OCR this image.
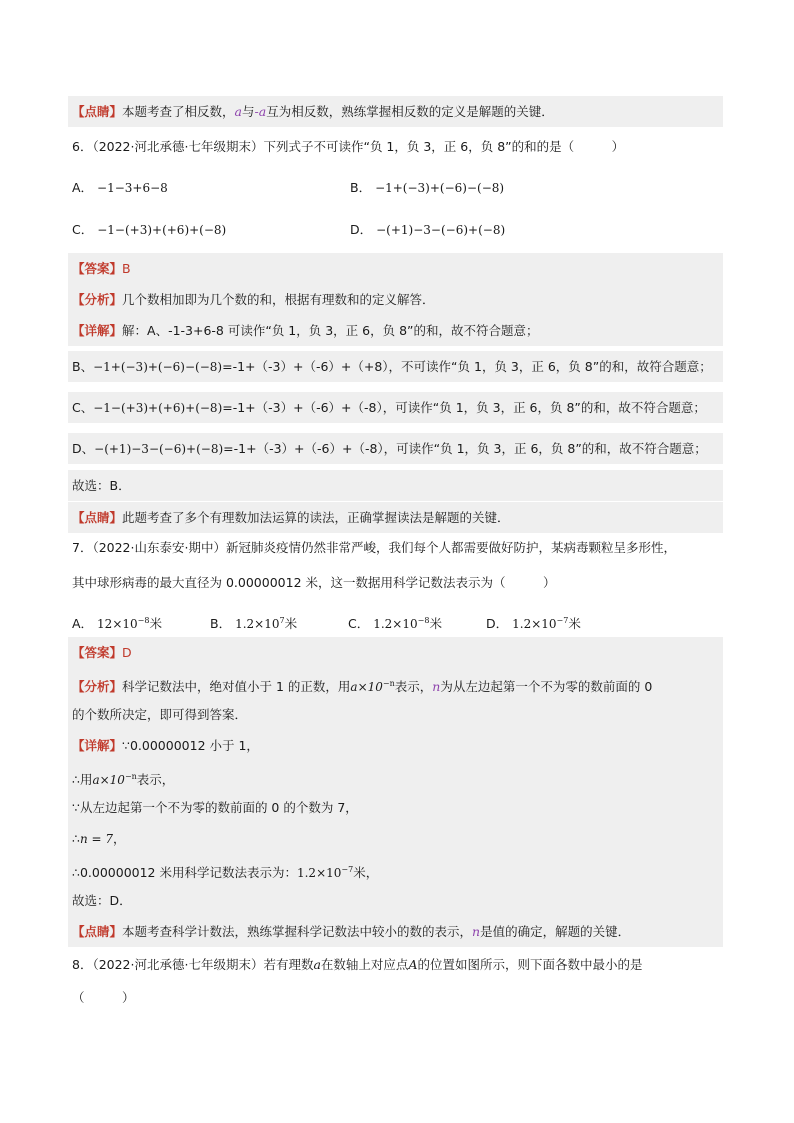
【点睛】本题考查了相反数，a与-a互为相反数，熟练掌握相反数的定义是解题的关键．
6．（2022·河北承德·七年级期末）下列式子不可读作“负 1，负 3，正 6，负 8”的和的是（　　　）
A． −1−3+6−8	B． −1+(−3)+(−6)−(−8)
C． −1−(+3)+(+6)+(−8)	D． −(+1)−3−(−6)+(−8)
【答案】B
【分析】几个数相加即为几个数的和，根据有理数和的定义解答．
【详解】解：A、-1-3+6-8 可读作“负 1，负 3，正 6，负 8”的和，故不符合题意；
B、−1+(−3)+(−6)−(−8)=-1+（-3）+（-6）+（+8），不可读作“负 1，负 3，正 6，负 8”的和，故符合题意；
C、−1−(+3)+(+6)+(−8)=-1+（-3）+（-6）+（-8），可读作“负 1，负 3，正 6，负 8”的和，故不符合题意；
D、−(+1)−3−(−6)+(−8)=-1+（-3）+（-6）+（-8），可读作“负 1，负 3，正 6，负 8”的和，故不符合题意；
故选：B．
【点睛】此题考查了多个有理数加法运算的读法，正确掌握读法是解题的关键．
7．（2022·山东泰安·期中）新冠肺炎疫情仍然非常严峻，我们每个人都需要做好防护，某病毒颗粒呈多形性，
其中球形病毒的最大直径为 0.00000012 米，这一数据用科学记数法表示为（　　　）
A． $12\times 10^{-8}$米	B． $1.2\times 10^7$米	C． $1.2\times 10^{-8}$米	D． $1.2\times 10^{-7}$米
【答案】D
【分析】科学记数法中，绝对值小于 1 的正数，用$a\times 10^{-n}$表示，n为从左边起第一个不为零的数前面的 0
的个数所决定，即可得到答案．
【详解】∵0.00000012 小于 1，
∴用$a\times 10^{-n}$表示，
∵从左边起第一个不为零的数前面的 0 的个数为 7，
∴n = 7，
∴0.00000012 米用科学记数法表示为：$1.2\times 10^{-7}$米，
故选：D．
【点睛】本题考查科学计数法，熟练掌握科学记数法中较小的数的表示，n是值的确定，解题的关键．
8．（2022·河北承德·七年级期末）若有理数a在数轴上对应点A的位置如图所示，则下面各数中最小的是
（　　　）
